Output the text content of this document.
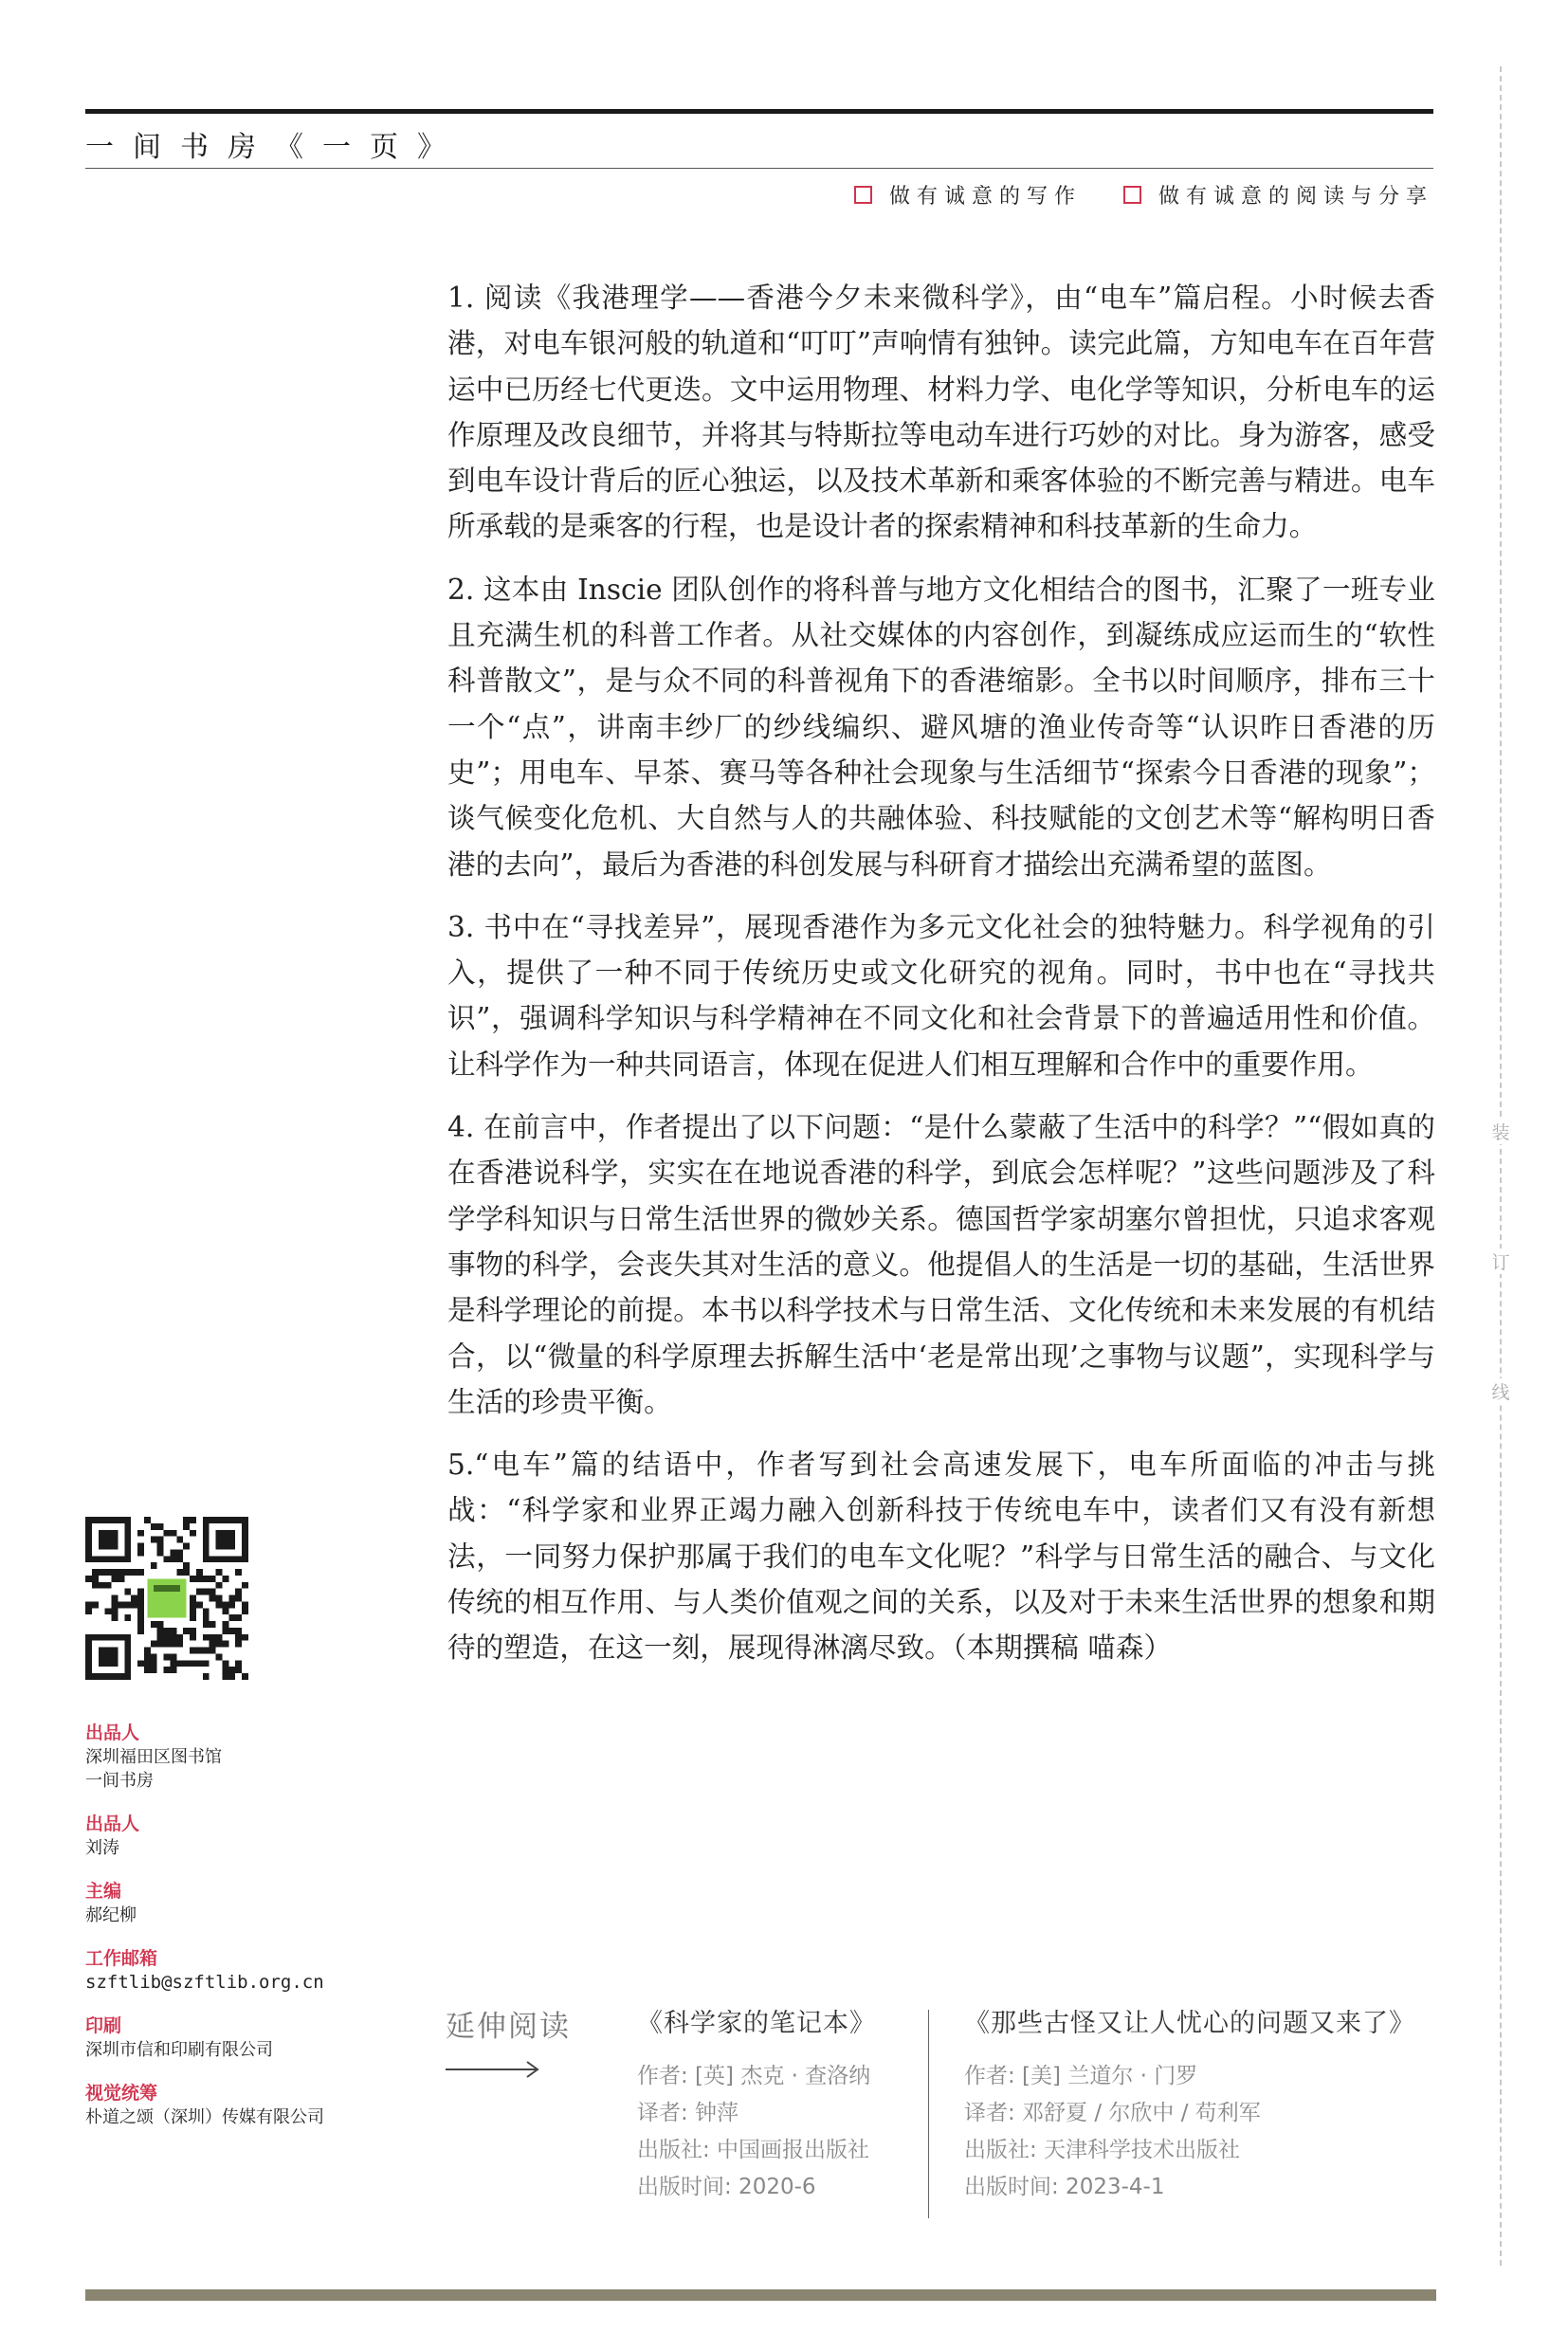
一间书房《一页》
做有诚意的写作	做有诚意的阅读与分享
装
订
线

1. 阅读《我港理学——香港今夕未来微科学》，由“电车”篇启程。小时候去香港，对电车银河般的轨道和“叮叮”声响情有独钟。读完此篇，方知电车在百年营运中已历经七代更迭。文中运用物理、材料力学、电化学等知识，分析电车的运作原理及改良细节，并将其与特斯拉等电动车进行巧妙的对比。身为游客，感受到电车设计背后的匠心独运，以及技术革新和乘客体验的不断完善与精进。电车所承载的是乘客的行程，也是设计者的探索精神和科技革新的生命力。

2. 这本由 Inscie 团队创作的将科普与地方文化相结合的图书，汇聚了一班专业且充满生机的科普工作者。从社交媒体的内容创作，到凝练成应运而生的“软性科普散文”，是与众不同的科普视角下的香港缩影。全书以时间顺序，排布三十一个“点”，讲南丰纱厂的纱线编织、避风塘的渔业传奇等“认识昨日香港的历史”；用电车、早茶、赛马等各种社会现象与生活细节“探索今日香港的现象”；谈气候变化危机、大自然与人的共融体验、科技赋能的文创艺术等“解构明日香港的去向”，最后为香港的科创发展与科研育才描绘出充满希望的蓝图。

3. 书中在“寻找差异”，展现香港作为多元文化社会的独特魅力。科学视角的引入，提供了一种不同于传统历史或文化研究的视角。同时，书中也在“寻找共识”，强调科学知识与科学精神在不同文化和社会背景下的普遍适用性和价值。让科学作为一种共同语言，体现在促进人们相互理解和合作中的重要作用。

4. 在前言中，作者提出了以下问题：“是什么蒙蔽了生活中的科学？”“假如真的在香港说科学，实实在在地说香港的科学，到底会怎样呢？”这些问题涉及了科学学科知识与日常生活世界的微妙关系。德国哲学家胡塞尔曾担忧，只追求客观事物的科学，会丧失其对生活的意义。他提倡人的生活是一切的基础，生活世界是科学理论的前提。本书以科学技术与日常生活、文化传统和未来发展的有机结合，以“微量的科学原理去拆解生活中‘老是常出现’之事物与议题”，实现科学与生活的珍贵平衡。

5.“电车”篇的结语中，作者写到社会高速发展下，电车所面临的冲击与挑战：“科学家和业界正竭力融入创新科技于传统电车中，读者们又有没有新想法，一同努力保护那属于我们的电车文化呢？”科学与日常生活的融合、与文化传统的相互作用、与人类价值观之间的关系，以及对于未来生活世界的想象和期待的塑造，在这一刻，展现得淋漓尽致。（本期撰稿 喵森）

出品人
深圳福田区图书馆
一间书房
出品人
刘涛
主编
郝纪柳
工作邮箱
szftlib@szftlib.org.cn
印刷
深圳市信和印刷有限公司
视觉统筹
朴道之颂（深圳）传媒有限公司
延伸阅读	《科学家的笔记本》
作者: [英] 杰克 · 查洛纳
译者: 钟萍
出版社: 中国画报出版社
出版时间: 2020-6
《那些古怪又让人忧心的问题又来了》
作者: [美] 兰道尔 · 门罗
译者: 邓舒夏 / 尔欣中 / 苟利军
出版社: 天津科学技术出版社
出版时间: 2023-4-1
